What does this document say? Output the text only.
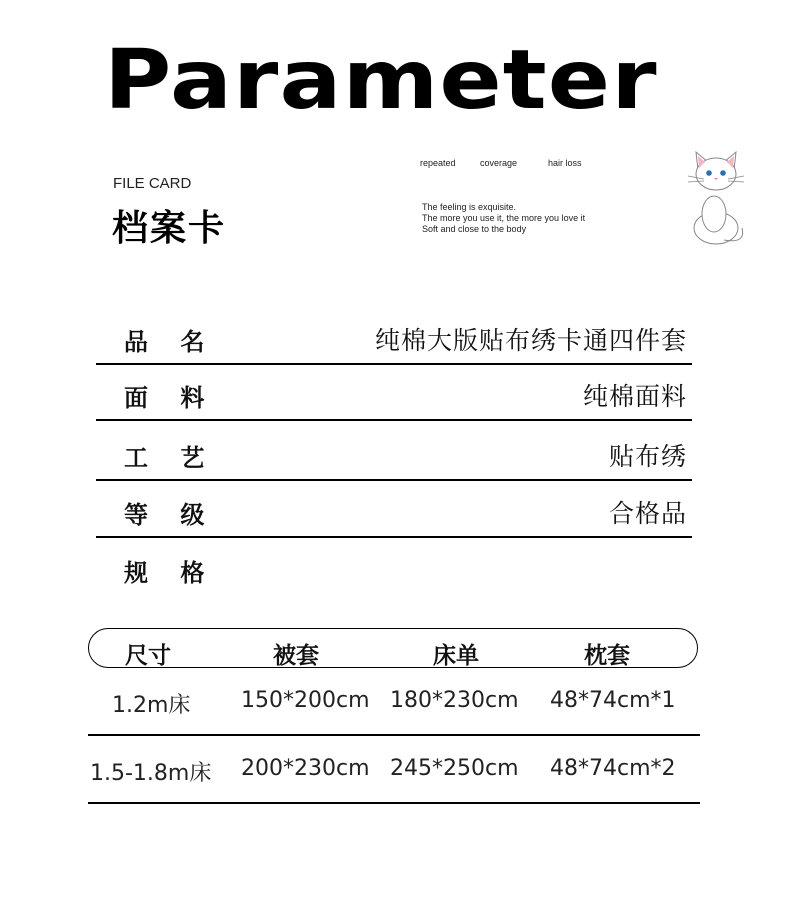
Parameter
FILE CARD
档案卡
repeated	coverage	hair loss
The feeling is exquisite.
The more you use it, the more you love it
Soft and close to the body
品 名	纯棉大版贴布绣卡通四件套
面 料	纯棉面料
工 艺	贴布绣
等 级	合格品
规 格
尺寸	被套	床单	枕套
1.2m床 150*200cm 180*230cm 48*74cm*1
1.5-1.8m床 200*230cm 245*250cm 48*74cm*2
